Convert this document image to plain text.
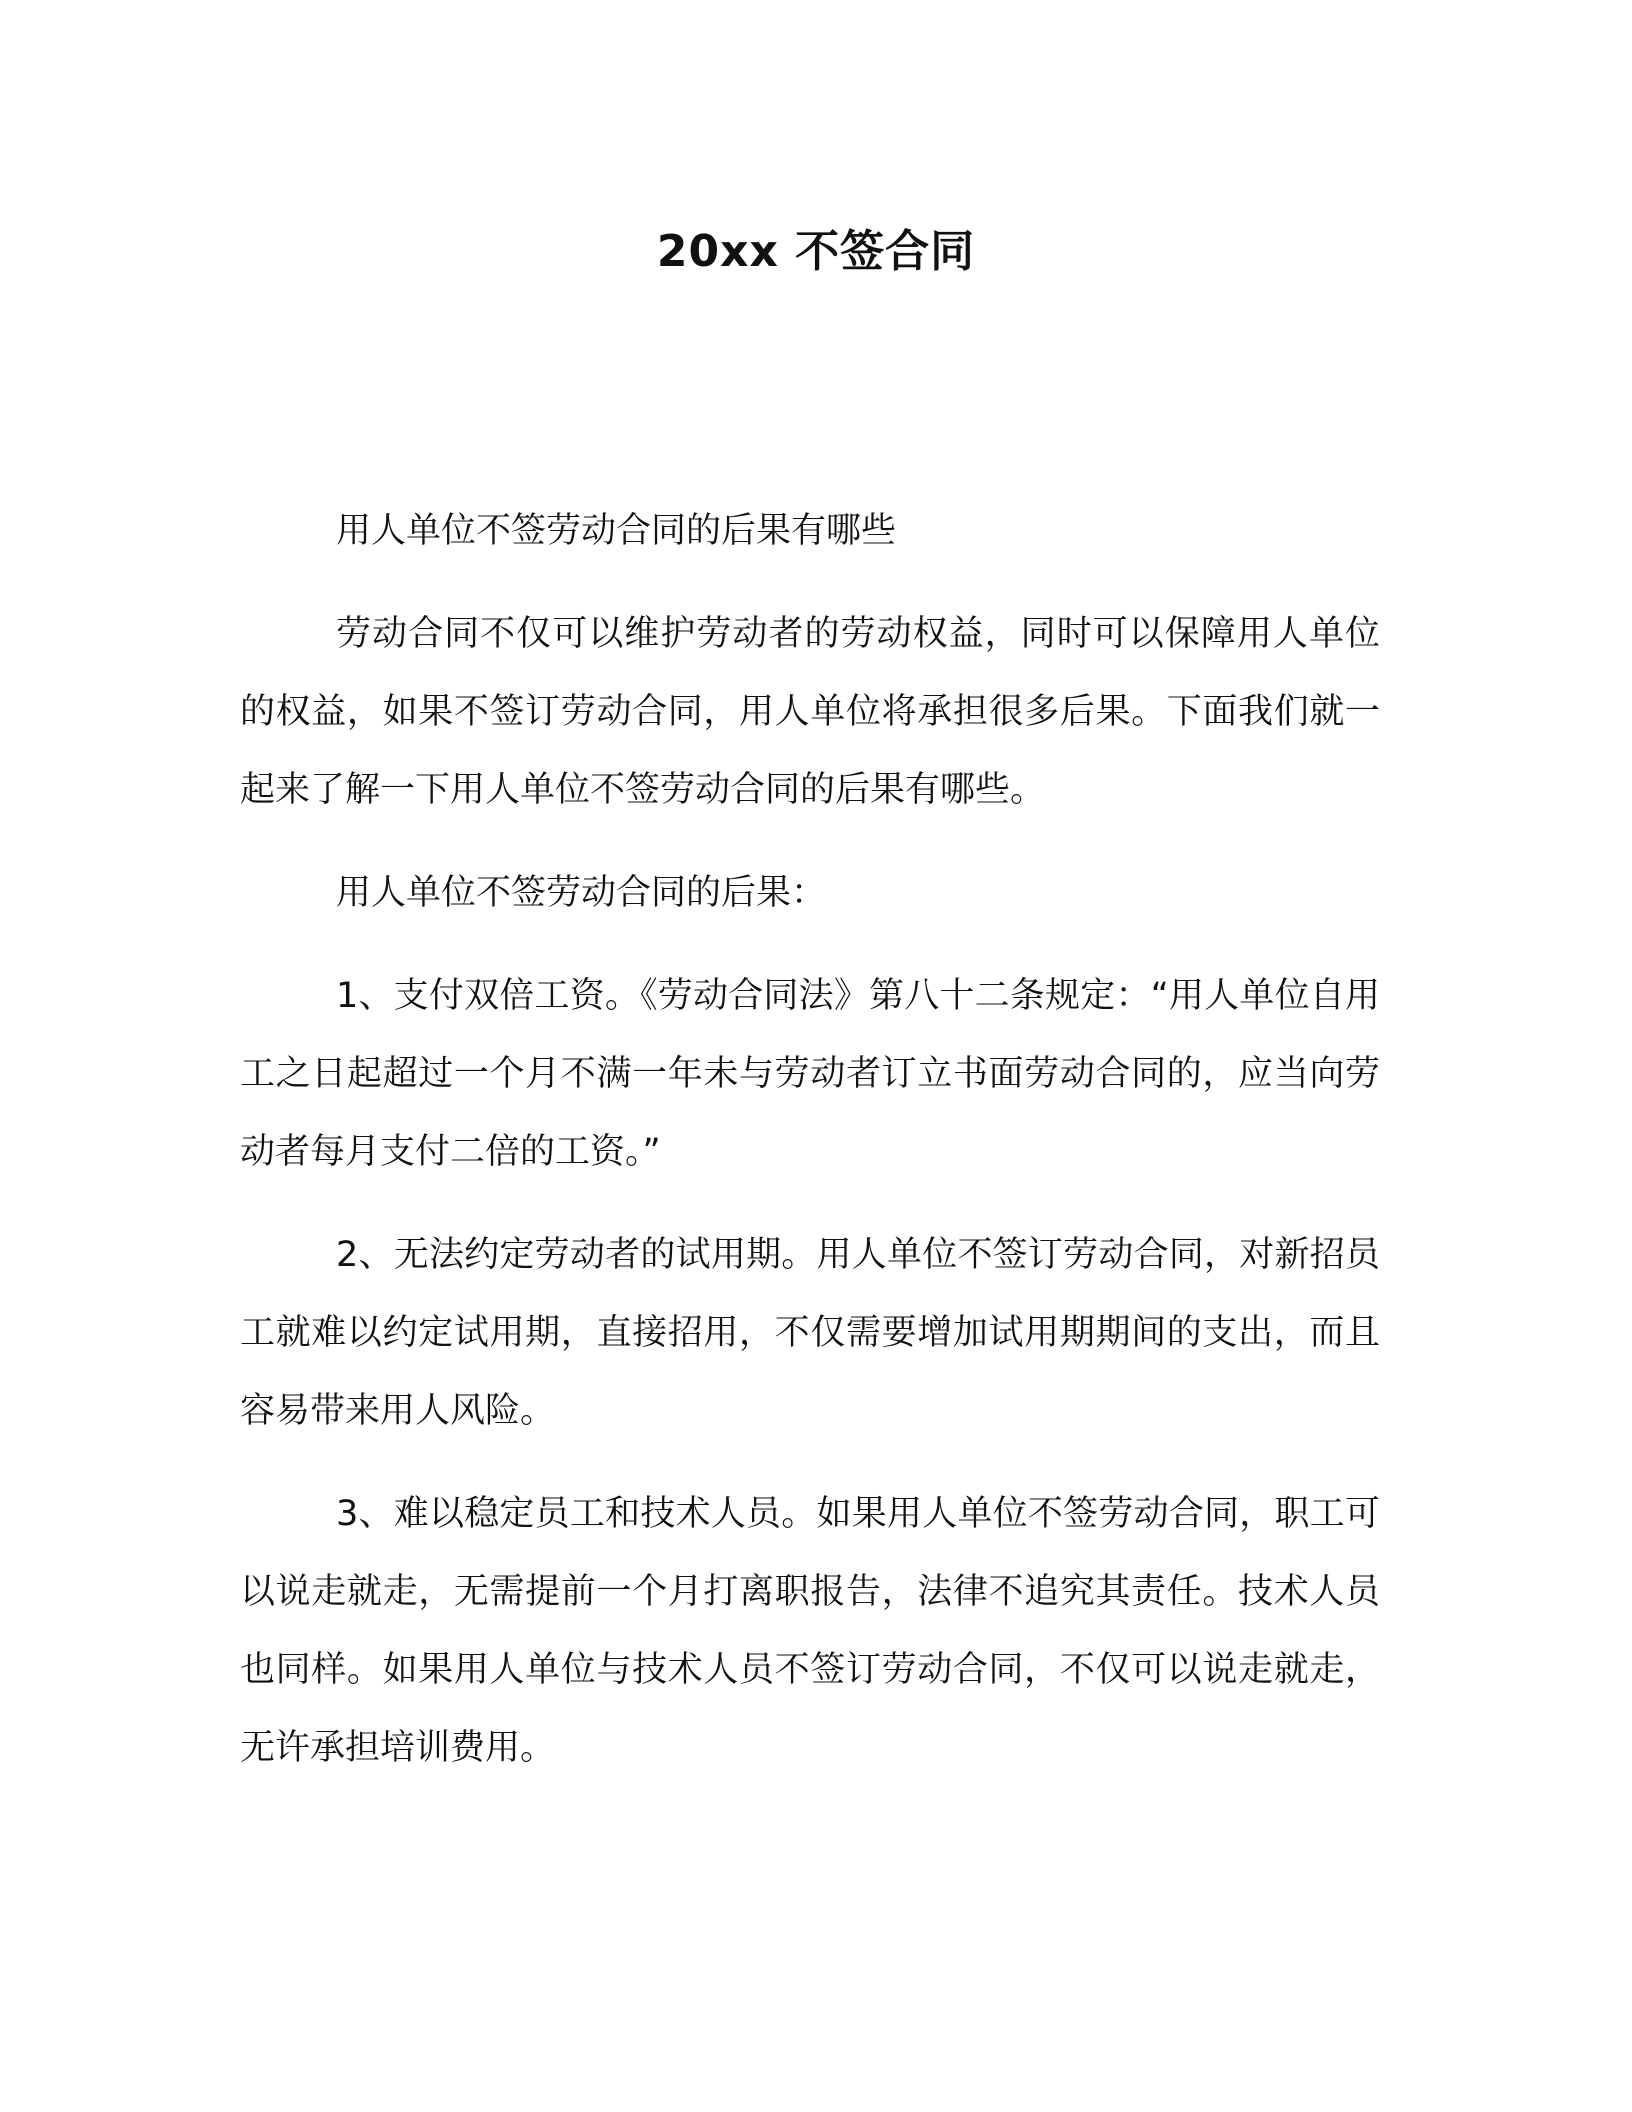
20xx 不签合同

用人单位不签劳动合同的后果有哪些

劳动合同不仅可以维护劳动者的劳动权益，同时可以保障用人单位的权益，如果不签订劳动合同，用人单位将承担很多后果。下面我们就一起来了解一下用人单位不签劳动合同的后果有哪些。

用人单位不签劳动合同的后果：

1、支付双倍工资。《劳动合同法》第八十二条规定：“用人单位自用工之日起超过一个月不满一年未与劳动者订立书面劳动合同的，应当向劳动者每月支付二倍的工资。”

2、无法约定劳动者的试用期。用人单位不签订劳动合同，对新招员工就难以约定试用期，直接招用，不仅需要增加试用期期间的支出，而且容易带来用人风险。

3、难以稳定员工和技术人员。如果用人单位不签劳动合同，职工可以说走就走，无需提前一个月打离职报告，法律不追究其责任。技术人员也同样。如果用人单位与技术人员不签订劳动合同，不仅可以说走就走，无许承担培训费用。
